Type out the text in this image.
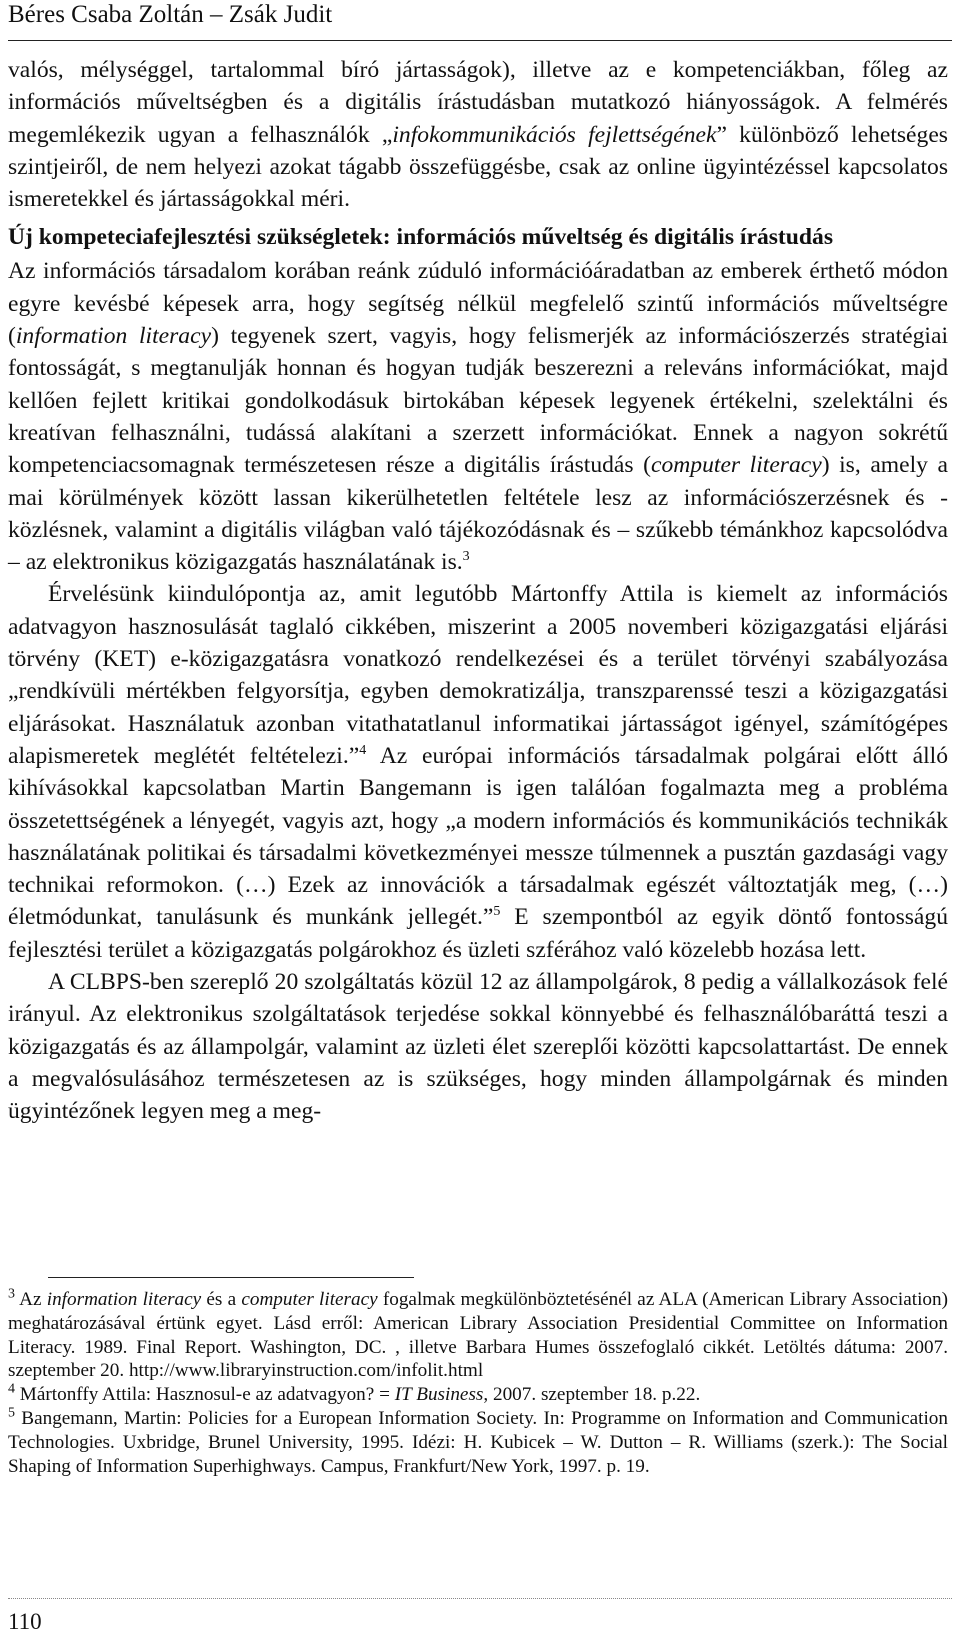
Béres Csaba Zoltán – Zsák Judit

valós, mélységgel, tartalommal bíró jártasságok), illetve az e kompetenciákban, főleg az információs műveltségben és a digitális írástudásban mutatkozó hiányosságok. A felmérés megemlékezik ugyan a felhasználók „infokommunikációs fejlettségének” különböző lehetséges szintjeiről, de nem helyezi azokat tágabb összefüggésbe, csak az online ügyintézéssel kapcsolatos ismeretekkel és jártasságokkal méri.

Új kompeteciafejlesztési szükségletek: információs műveltség és digitális írástudás

Az információs társadalom korában reánk zúduló információáradatban az emberek érthető módon egyre kevésbé képesek arra, hogy segítség nélkül megfelelő szintű információs műveltségre (information literacy) tegyenek szert, vagyis, hogy felismerjék az információszerzés stratégiai fontosságát, s megtanulják honnan és hogyan tudják beszerezni a releváns információkat, majd kellően fejlett kritikai gondolkodásuk birtokában képesek legyenek értékelni, szelektálni és kreatívan felhasználni, tudássá alakítani a szerzett információkat. Ennek a nagyon sokrétű kompetenciacsomagnak természetesen része a digitális írástudás (computer literacy) is, amely a mai körülmények között lassan kikerülhetetlen feltétele lesz az információszerzésnek és -közlésnek, valamint a digitális világban való tájékozódásnak és – szűkebb témánkhoz kapcsolódva – az elektronikus közigazgatás használatának is.$^3$

Érvelésünk kiindulópontja az, amit legutóbb Mártonffy Attila is kiemelt az információs adatvagyon hasznosulását taglaló cikkében, miszerint a 2005 novemberi közigazgatási eljárási törvény (KET) e-közigazgatásra vonatkozó rendelkezései és a terület törvényi szabályozása „rendkívüli mértékben felgyorsítja, egyben demokratizálja, transzparenssé teszi a közigazgatási eljárásokat. Használatuk azonban vitathatatlanul informatikai jártasságot igényel, számítógépes alapismeretek meglétét feltételezi.”$^4$ Az európai információs társadalmak polgárai előtt álló kihívásokkal kapcsolatban Martin Bangemann is igen találóan fogalmazta meg a probléma összetettségének a lényegét, vagyis azt, hogy „a modern információs és kommunikációs technikák használatának politikai és társadalmi következményei messze túlmennek a pusztán gazdasági vagy technikai reformokon. (…) Ezek az innovációk a társadalmak egészét változtatják meg, (…) életmódunkat, tanulásunk és munkánk jellegét.”$^5$ E szempontból az egyik döntő fontosságú fejlesztési terület a közigazgatás polgárokhoz és üzleti szférához való közelebb hozása lett.

A CLBPS-ben szereplő 20 szolgáltatás közül 12 az állampolgárok, 8 pedig a vállalkozások felé irányul. Az elektronikus szolgáltatások terjedése sokkal könnyebbé és felhasználóbaráttá teszi a közigazgatás és az állampolgár, valamint az üzleti élet szereplői közötti kapcsolattartást. De ennek a megvalósulásához természetesen az is szükséges, hogy minden állampolgárnak és minden ügyintézőnek legyen meg a meg-

$^3$ Az information literacy és a computer literacy fogalmak megkülönböztetésénél az ALA (American Library Association) meghatározásával értünk egyet. Lásd erről: American Library Association Presidential Committee on Information Literacy. 1989. Final Report. Washington, DC. , illetve Barbara Humes összefoglaló cikkét. Letöltés dátuma: 2007. szeptember 20. http://www.libraryinstruction.com/infolit.html

$^4$ Mártonffy Attila: Hasznosul-e az adatvagyon? = IT Business, 2007. szeptember 18. p.22.

$^5$ Bangemann, Martin: Policies for a European Information Society. In: Programme on Information and Communication Technologies. Uxbridge, Brunel University, 1995. Idézi: H. Kubicek – W. Dutton – R. Williams (szerk.): The Social Shaping of Information Superhighways. Campus, Frankfurt/New York, 1997. p. 19.

110
